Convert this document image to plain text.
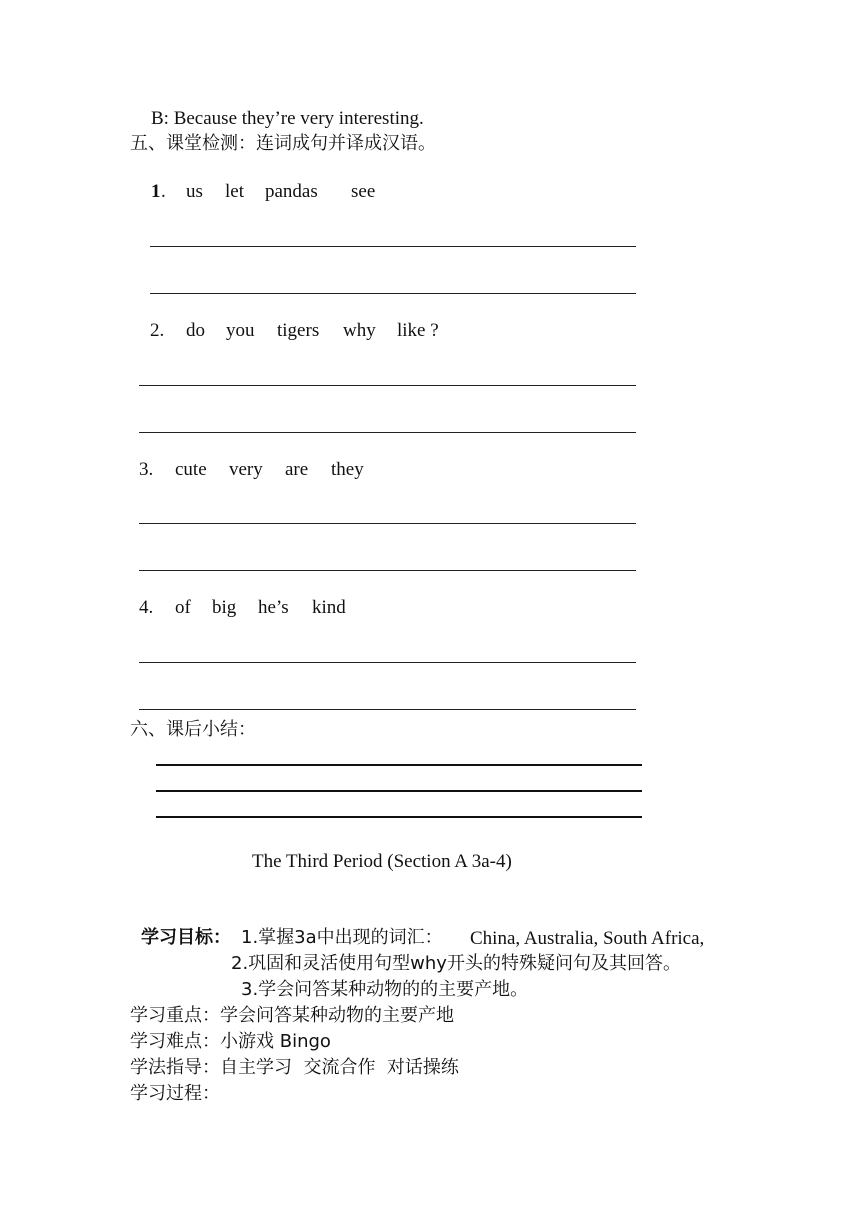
B: Because they’re very interesting.
五、课堂检测：连词成句并译成汉语。
1 . us let pandas see
2. do you tigers why like ?
3. cute very are they
4. of big he’s kind
六、课后小结：
The Third Period (Section A 3a-4)
学习目标： 1.掌握3a中出现的词汇： China, Australia, South Africa,
2.巩固和灵活使用句型why开头的特殊疑问句及其回答。
3.学会问答某种动物的的主要产地。
学习重点：学会问答某种动物的主要产地
学习难点：小游戏 Bingo
学法指导：自主学习  交流合作  对话操练
学习过程：
